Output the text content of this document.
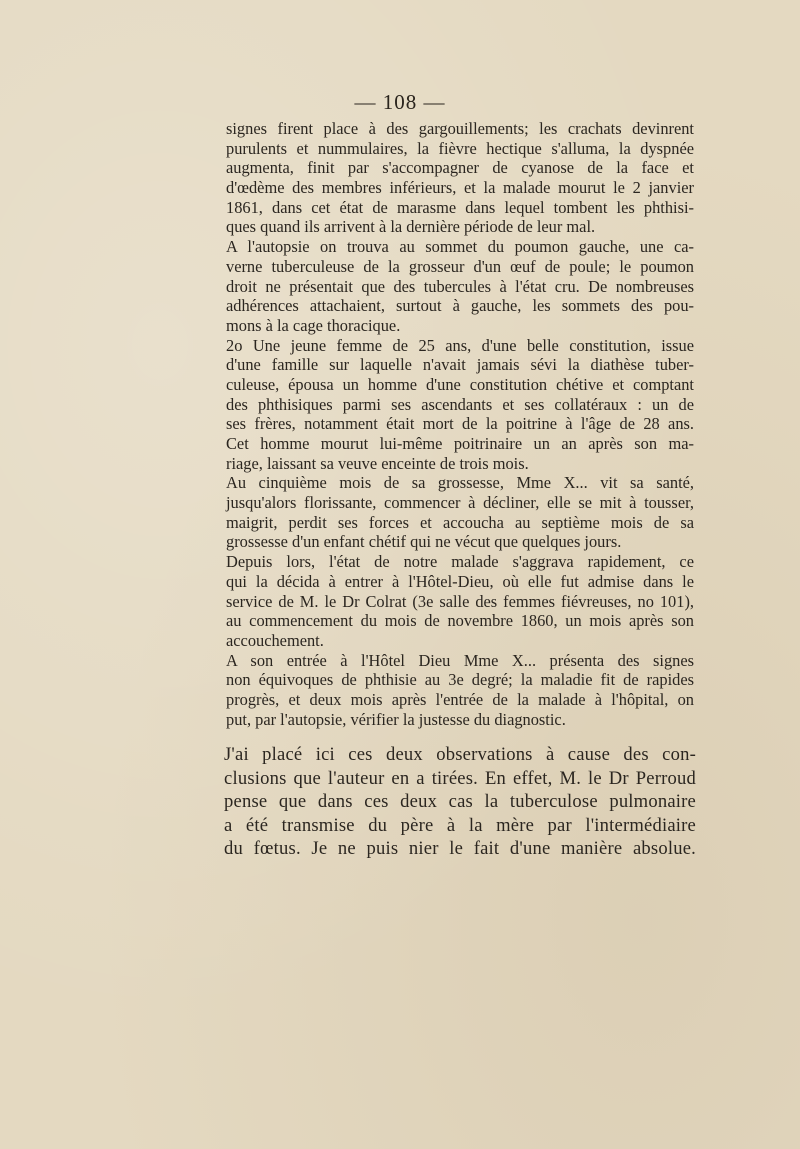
— 108 —
signes firent place à des gargouillements; les crachats devinrent
purulents et nummulaires, la fièvre hectique s'alluma, la dyspnée
augmenta, finit par s'accompagner de cyanose de la face et
d'œdème des membres inférieurs, et la malade mourut le 2 janvier
1861, dans cet état de marasme dans lequel tombent les phthisi-
ques quand ils arrivent à la dernière période de leur mal.
A l'autopsie on trouva au sommet du poumon gauche, une ca-
verne tuberculeuse de la grosseur d'un œuf de poule; le poumon
droit ne présentait que des tubercules à l'état cru. De nombreuses
adhérences attachaient, surtout à gauche, les sommets des pou-
mons à la cage thoracique.
2o Une jeune femme de 25 ans, d'une belle constitution, issue
d'une famille sur laquelle n'avait jamais sévi la diathèse tuber-
culeuse, épousa un homme d'une constitution chétive et comptant
des phthisiques parmi ses ascendants et ses collatéraux : un de
ses frères, notamment était mort de la poitrine à l'âge de 28 ans.
Cet homme mourut lui-même poitrinaire un an après son ma-
riage, laissant sa veuve enceinte de trois mois.
Au cinquième mois de sa grossesse, Mme X... vit sa santé,
jusqu'alors florissante, commencer à décliner, elle se mit à tousser,
maigrit, perdit ses forces et accoucha au septième mois de sa
grossesse d'un enfant chétif qui ne vécut que quelques jours.
Depuis lors, l'état de notre malade s'aggrava rapidement, ce
qui la décida à entrer à l'Hôtel-Dieu, où elle fut admise dans le
service de M. le Dr Colrat (3e salle des femmes fiévreuses, no 101),
au commencement du mois de novembre 1860, un mois après son
accouchement.
A son entrée à l'Hôtel Dieu Mme X... présenta des signes
non équivoques de phthisie au 3e degré; la maladie fit de rapides
progrès, et deux mois après l'entrée de la malade à l'hôpital, on
put, par l'autopsie, vérifier la justesse du diagnostic.
J'ai placé ici ces deux observations à cause des con-
clusions que l'auteur en a tirées. En effet, M. le Dr Perroud
pense que dans ces deux cas la tuberculose pulmonaire
a été transmise du père à la mère par l'intermédiaire
du fœtus. Je ne puis nier le fait d'une manière absolue.
